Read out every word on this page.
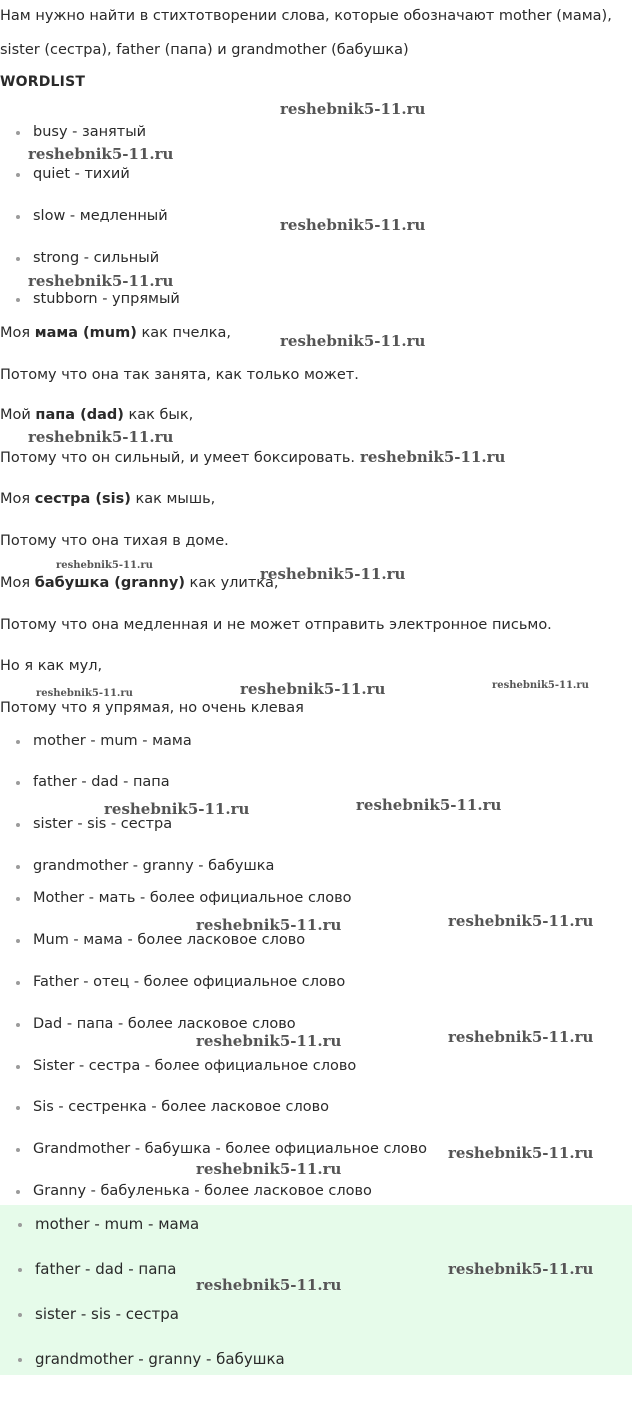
Нам нужно найти в стихтотворении слова, которые обозначают mother (мама),
sister (сестра), father (папа) и grandmother (бабушка)
WORDLIST
busy - занятый
quiet - тихий
slow - медленный
strong - сильный
stubborn - упрямый
Моя мама (mum) как пчелка,
Потому что она так занята, как только может.
Мой папа (dad) как бык,
Потому что он сильный, и умеет боксировать.
Моя сестра (sis) как мышь,
Потому что она тихая в доме.
Моя бабушка (granny) как улитка,
Потому что она медленная и не может отправить электронное письмо.
Но я как мул,
Потому что я упрямая, но очень клевая
mother - mum - мама
father - dad - папа
sister - sis - сестра
grandmother - granny - бабушка
Mother - мать - более официальное слово
Mum - мама - более ласковое слово
Father - отец - более официальное слово
Dad - папа - более ласковое слово
Sister - сестра - более официальное слово
Sis - сестренка - более ласковое слово
Grandmother - бабушка - более официальное слово
Granny - бабуленька - более ласковое слово
mother - mum - мама
father - dad - папа
sister - sis - сестра
grandmother - granny - бабушка
reshebnik5-11.ru
reshebnik5-11.ru
reshebnik5-11.ru
reshebnik5-11.ru
reshebnik5-11.ru
reshebnik5-11.ru
reshebnik5-11.ru
reshebnik5-11.ru	reshebnik5-11.ru
reshebnik5-11.ru	reshebnik5-11.ru	reshebnik5-11.ru
reshebnik5-11.ru	reshebnik5-11.ru
reshebnik5-11.ru	reshebnik5-11.ru
reshebnik5-11.ru	reshebnik5-11.ru
reshebnik5-11.ru
reshebnik5-11.ru
reshebnik5-11.ru
reshebnik5-11.ru
